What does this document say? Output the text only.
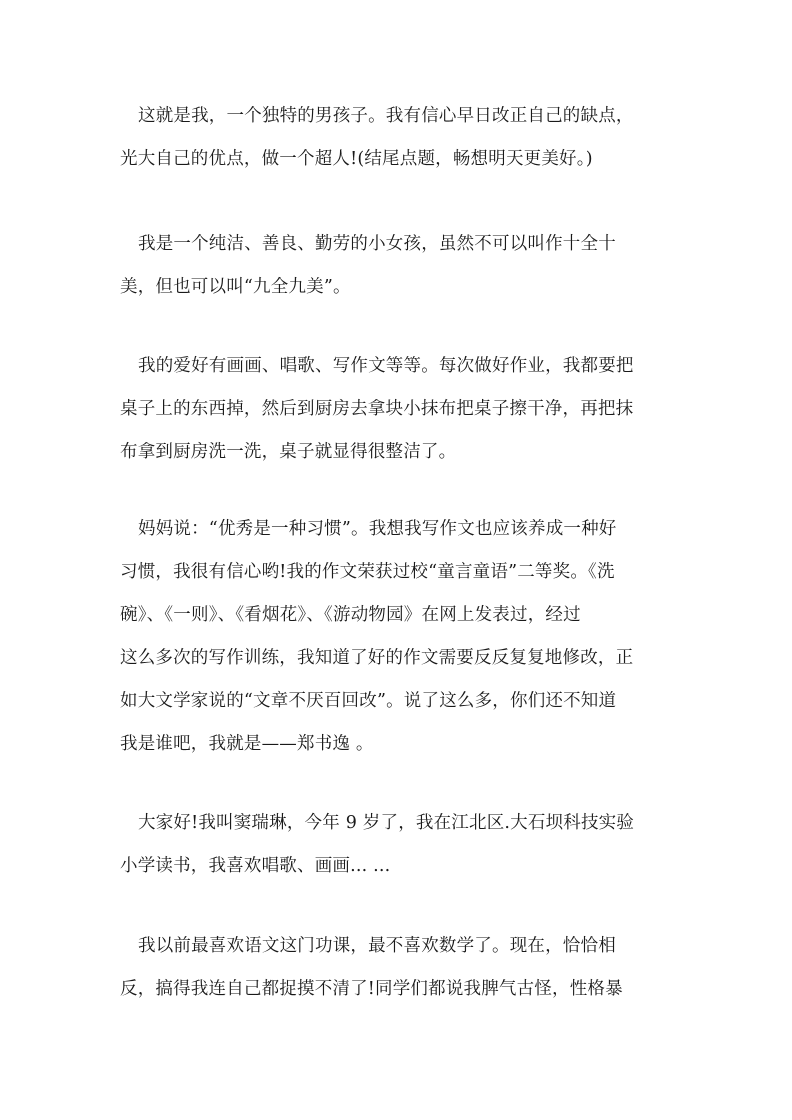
这就是我，一个独特的男孩子。我有信心早日改正自己的缺点，
光大自己的优点，做一个超人!(结尾点题，畅想明天更美好。)
我是一个纯洁、善良、勤劳的小女孩，虽然不可以叫作十全十
美，但也可以叫“九全九美”。
我的爱好有画画、唱歌、写作文等等。每次做好作业，我都要把
桌子上的东西掉，然后到厨房去拿块小抹布把桌子擦干净，再把抹
布拿到厨房洗一洗，桌子就显得很整洁了。
妈妈说：“优秀是一种习惯”。我想我写作文也应该养成一种好
习惯，我很有信心哟!我的作文荣获过校“童言童语”二等奖。《洗
碗》、《一则》、《看烟花》、《游动物园》在网上发表过，经过
这么多次的写作训练，我知道了好的作文需要反反复复地修改，正
如大文学家说的“文章不厌百回改”。说了这么多，你们还不知道
我是谁吧，我就是——郑书逸 。
大家好!我叫窦瑞琳，今年 9 岁了，我在江北区.大石坝科技实验
小学读书，我喜欢唱歌、画画... ...
我以前最喜欢语文这门功课，最不喜欢数学了。现在，恰恰相
反，搞得我连自己都捉摸不清了!同学们都说我脾气古怪，性格暴
